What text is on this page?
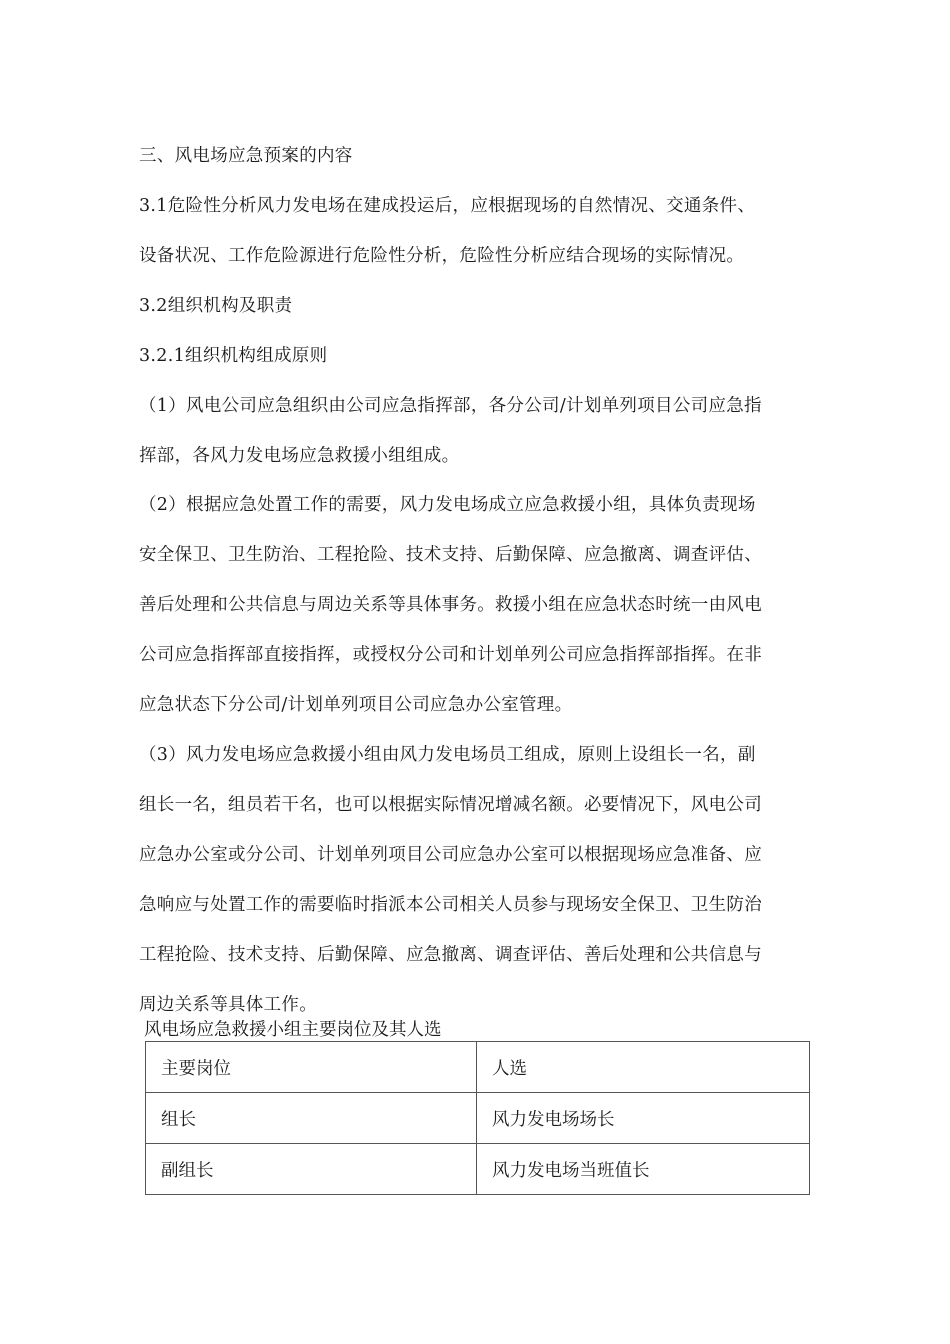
三、风电场应急预案的内容
3.1危险性分析风力发电场在建成投运后，应根据现场的自然情况、交通条件、
设备状况、工作危险源进行危险性分析，危险性分析应结合现场的实际情况。
3.2组织机构及职责
3.2.1组织机构组成原则
（1）风电公司应急组织由公司应急指挥部，各分公司/计划单列项目公司应急指
挥部，各风力发电场应急救援小组组成。
（2）根据应急处置工作的需要，风力发电场成立应急救援小组，具体负责现场
安全保卫、卫生防治、工程抢险、技术支持、后勤保障、应急撤离、调查评估、
善后处理和公共信息与周边关系等具体事务。救援小组在应急状态时统一由风电
公司应急指挥部直接指挥，或授权分公司和计划单列公司应急指挥部指挥。在非
应急状态下分公司/计划单列项目公司应急办公室管理。
（3）风力发电场应急救援小组由风力发电场员工组成，原则上设组长一名，副
组长一名，组员若干名，也可以根据实际情况增减名额。必要情况下，风电公司
应急办公室或分公司、计划单列项目公司应急办公室可以根据现场应急准备、应
急响应与处置工作的需要临时指派本公司相关人员参与现场安全保卫、卫生防治
工程抢险、技术支持、后勤保障、应急撤离、调查评估、善后处理和公共信息与
周边关系等具体工作。
风电场应急救援小组主要岗位及其人选
主要岗位	人选
组长	风力发电场场长
副组长	风力发电场当班值长
